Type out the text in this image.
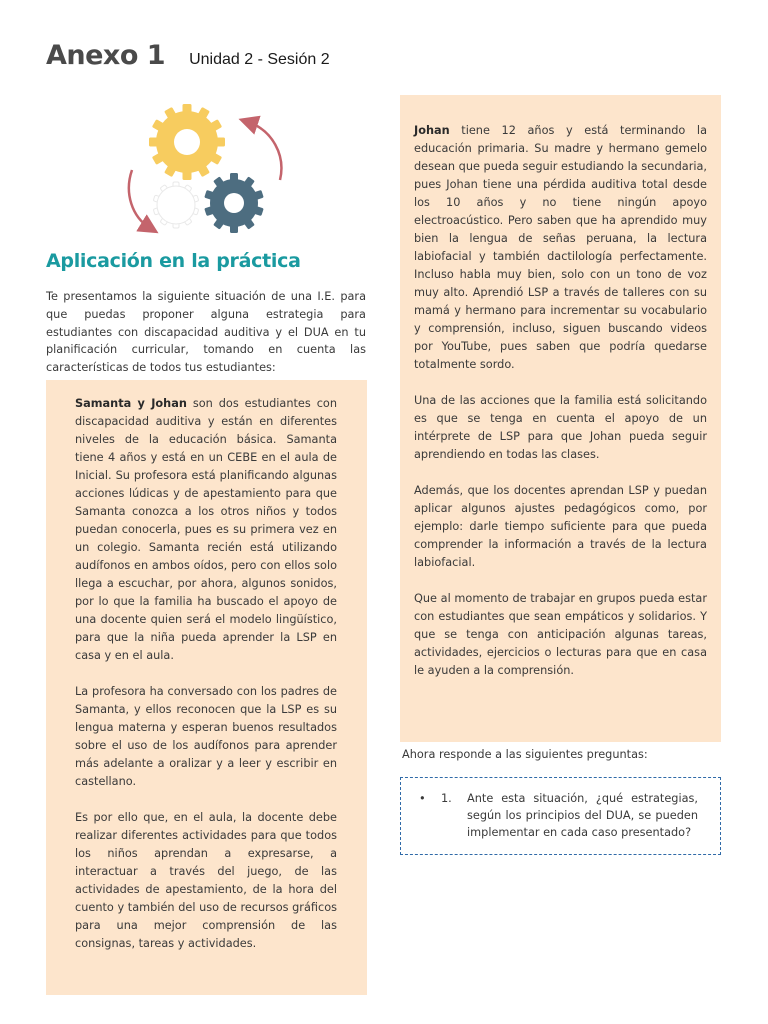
Anexo 1 Unidad 2 - Sesión 2
Aplicación en la práctica

Te presentamos la siguiente situación de una I.E. para que puedas proponer alguna estrategia para estudiantes con discapacidad auditiva y el DUA en tu planificación curricular, tomando en cuenta las características de todos tus estudiantes:

Samanta y Johan son dos estudiantes con discapacidad auditiva y están en diferentes niveles de la educación básica. Samanta tiene 4 años y está en un CEBE en el aula de Inicial. Su profesora está planificando algunas acciones lúdicas y de apestamiento para que Samanta conozca a los otros niños y todos puedan conocerla, pues es su primera vez en un colegio. Samanta recién está utilizando audífonos en ambos oídos, pero con ellos solo llega a escuchar, por ahora, algunos sonidos, por lo que la familia ha buscado el apoyo de una docente quien será el modelo lingüístico, para que la niña pueda aprender la LSP en casa y en el aula.

La profesora ha conversado con los padres de Samanta, y ellos reconocen que la LSP es su lengua materna y esperan buenos resultados sobre el uso de los audífonos para aprender más adelante a oralizar y a leer y escribir en castellano.

Es por ello que, en el aula, la docente debe realizar diferentes actividades para que todos los niños aprendan a expresarse, a interactuar a través del juego, de las actividades de apestamiento, de la hora del cuento y también del uso de recursos gráficos para una mejor comprensión de las consignas, tareas y actividades.

Johan tiene 12 años y está terminando la educación primaria. Su madre y hermano gemelo desean que pueda seguir estudiando la secundaria, pues Johan tiene una pérdida auditiva total desde los 10 años y no tiene ningún apoyo electroacústico. Pero saben que ha aprendido muy bien la lengua de señas peruana, la lectura labiofacial y también dactilología perfectamente. Incluso habla muy bien, solo con un tono de voz muy alto. Aprendió LSP a través de talleres con su mamá y hermano para incrementar su vocabulario y comprensión, incluso, siguen buscando videos por YouTube, pues saben que podría quedarse totalmente sordo.

Una de las acciones que la familia está solicitando es que se tenga en cuenta el apoyo de un intérprete de LSP para que Johan pueda seguir aprendiendo en todas las clases.

Además, que los docentes aprendan LSP y puedan aplicar algunos ajustes pedagógicos como, por ejemplo: darle tiempo suficiente para que pueda comprender la información a través de la lectura labiofacial.

Que al momento de trabajar en grupos pueda estar con estudiantes que sean empáticos y solidarios. Y que se tenga con anticipación algunas tareas, actividades, ejercicios o lecturas para que en casa le ayuden a la comprensión.

Ahora responde a las siguientes preguntas:

•	1.	Ante esta situación, ¿qué estrategias, según los principios del DUA, se pueden implementar en cada caso presentado?
